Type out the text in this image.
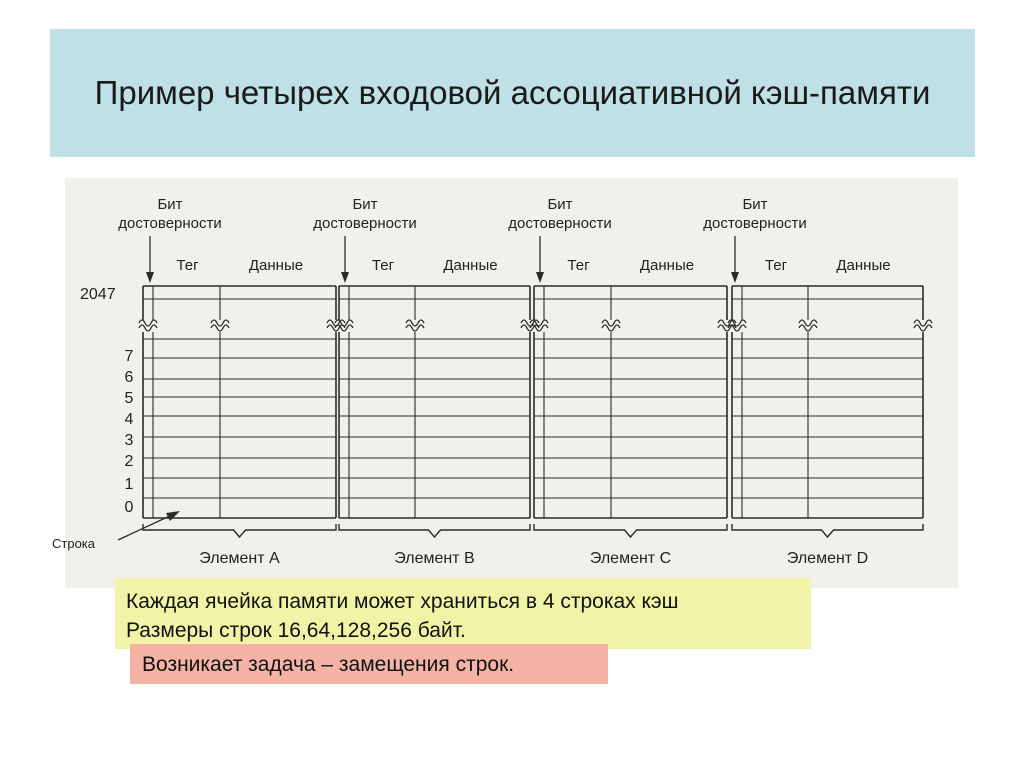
Пример четырех входовой ассоциативной кэш-памяти
Бит
достоверности
Тег	Данные
Элемент A
Бит
достоверности
Тег	Данные
Элемент B
Бит
достоверности
Тег	Данные
Элемент C
Бит
достоверности
Тег	Данные
Элемент D
2047
7
6
5
4
3
2
1
0
Строка
Каждая ячейка памяти может храниться в 4 строках кэш
Размеры строк 16,64,128,256 байт.
Возникает задача – замещения строк.
